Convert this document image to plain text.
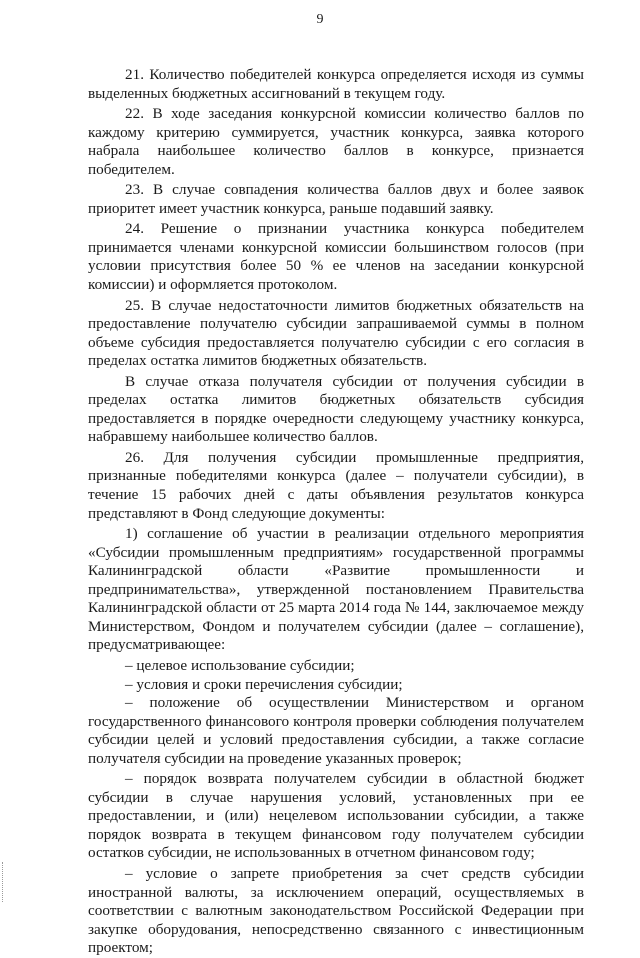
9

21. Количество победителей конкурса определяется исходя из суммы выделенных бюджетных ассигнований в текущем году.

22. В ходе заседания конкурсной комиссии количество баллов по каждому критерию суммируется, участник конкурса, заявка которого набрала наибольшее количество баллов в конкурсе, признается победителем.

23. В случае совпадения количества баллов двух и более заявок приоритет имеет участник конкурса, раньше подавший заявку.

24. Решение о признании участника конкурса победителем принимается членами конкурсной комиссии большинством голосов (при условии присутствия более 50 % ее членов на заседании конкурсной комиссии) и оформляется протоколом.

25. В случае недостаточности лимитов бюджетных обязательств на предоставление получателю субсидии запрашиваемой суммы в полном объеме субсидия предоставляется получателю субсидии с его согласия в пределах остатка лимитов бюджетных обязательств.

В случае отказа получателя субсидии от получения субсидии в пределах остатка лимитов бюджетных обязательств субсидия предоставляется в порядке очередности следующему участнику конкурса, набравшему наибольшее количество баллов.

26. Для получения субсидии промышленные предприятия, признанные победителями конкурса (далее – получатели субсидии), в течение 15 рабочих дней с даты объявления результатов конкурса представляют в Фонд следующие документы:

1) соглашение об участии в реализации отдельного мероприятия «Субсидии промышленным предприятиям» государственной программы Калининградской области «Развитие промышленности и предпринимательства», утвержденной постановлением Правительства Калининградской области от 25 марта 2014 года № 144, заключаемое между Министерством, Фондом и получателем субсидии (далее – соглашение), предусматривающее:

– целевое использование субсидии;

– условия и сроки перечисления субсидии;

– положение об осуществлении Министерством и органом государственного финансового контроля проверки соблюдения получателем субсидии целей и условий предоставления субсидии, а также согласие получателя субсидии на проведение указанных проверок;

– порядок возврата получателем субсидии в областной бюджет субсидии в случае нарушения условий, установленных при ее предоставлении, и (или) нецелевом использовании субсидии, а также порядок возврата в текущем финансовом году получателем субсидии остатков субсидии, не использованных в отчетном финансовом году;

– условие о запрете приобретения за счет средств субсидии иностранной валюты, за исключением операций, осуществляемых в соответствии с валютным законодательством Российской Федерации при закупке оборудования, непосредственно связанного с инвестиционным проектом;
